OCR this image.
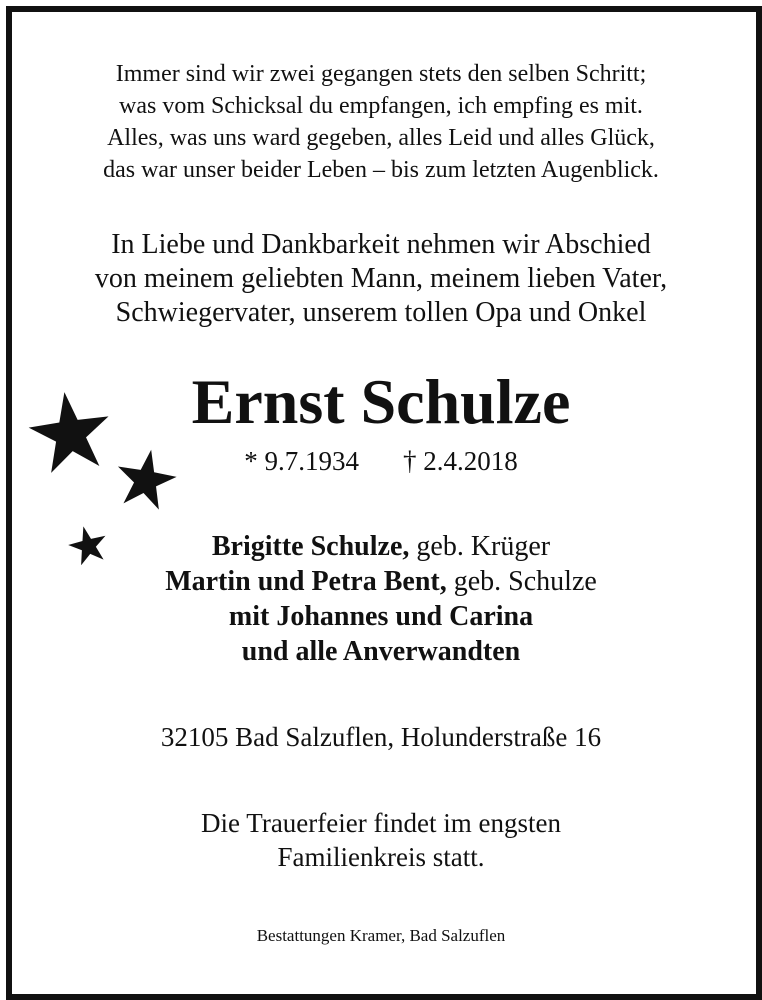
Immer sind wir zwei gegangen stets den selben Schritt;
was vom Schicksal du empfangen, ich empfing es mit.
Alles, was uns ward gegeben, alles Leid und alles Glück,
das war unser beider Leben – bis zum letzten Augenblick.
In Liebe und Dankbarkeit nehmen wir Abschied
von meinem geliebten Mann, meinem lieben Vater,
Schwiegervater, unserem tollen Opa und Onkel
Ernst Schulze
* 9.7.1934 † 2.4.2018
Brigitte Schulze, geb. Krüger
Martin und Petra Bent, geb. Schulze
mit Johannes und Carina
und alle Anverwandten
32105 Bad Salzuflen, Holunderstraße 16
Die Trauerfeier findet im engsten
Familienkreis statt.
Bestattungen Kramer, Bad Salzuflen
